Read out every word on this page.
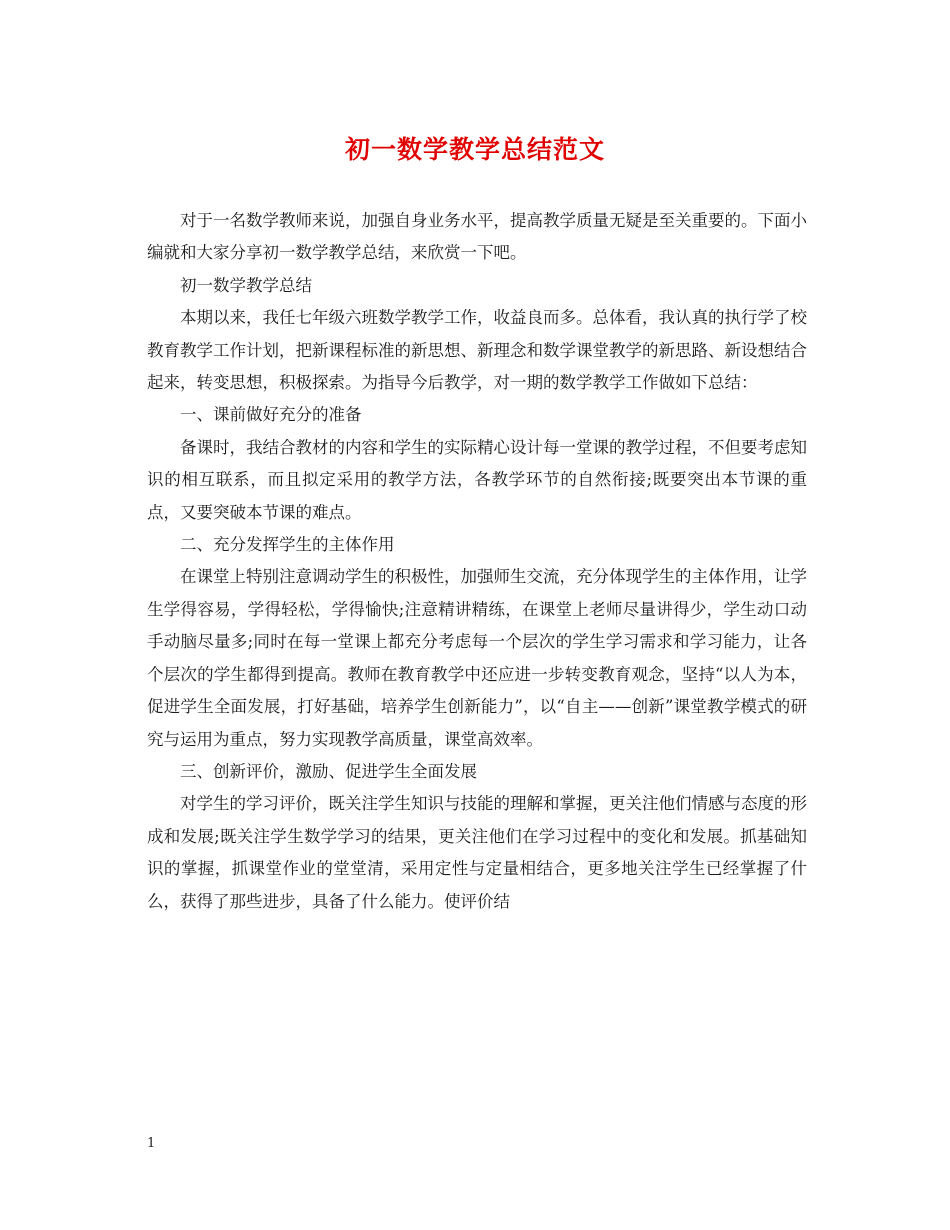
初一数学教学总结范文

对于一名数学教师来说，加强自身业务水平，提高教学质量无疑是至关重要的。下面小编就和大家分享初一数学教学总结，来欣赏一下吧。

初一数学教学总结

本期以来，我任七年级六班数学教学工作，收益良而多。总体看，我认真的执行学了校教育教学工作计划，把新课程标准的新思想、新理念和数学课堂教学的新思路、新设想结合起来，转变思想，积极探索。为指导今后教学，对一期的数学教学工作做如下总结：

一、课前做好充分的准备

备课时，我结合教材的内容和学生的实际精心设计每一堂课的教学过程，不但要考虑知识的相互联系，而且拟定采用的教学方法，各教学环节的自然衔接;既要突出本节课的重点，又要突破本节课的难点。

二、充分发挥学生的主体作用

在课堂上特别注意调动学生的积极性，加强师生交流，充分体现学生的主体作用，让学生学得容易，学得轻松，学得愉快;注意精讲精练，在课堂上老师尽量讲得少，学生动口动手动脑尽量多;同时在每一堂课上都充分考虑每一个层次的学生学习需求和学习能力，让各个层次的学生都得到提高。教师在教育教学中还应进一步转变教育观念，坚持“以人为本，促进学生全面发展，打好基础，培养学生创新能力”，以“自主——创新”课堂教学模式的研究与运用为重点，努力实现教学高质量，课堂高效率。

三、创新评价，激励、促进学生全面发展

对学生的学习评价，既关注学生知识与技能的理解和掌握，更关注他们情感与态度的形成和发展;既关注学生数学学习的结果，更关注他们在学习过程中的变化和发展。抓基础知识的掌握，抓课堂作业的堂堂清，采用定性与定量相结合，更多地关注学生已经掌握了什么，获得了那些进步，具备了什么能力。使评价结

1
